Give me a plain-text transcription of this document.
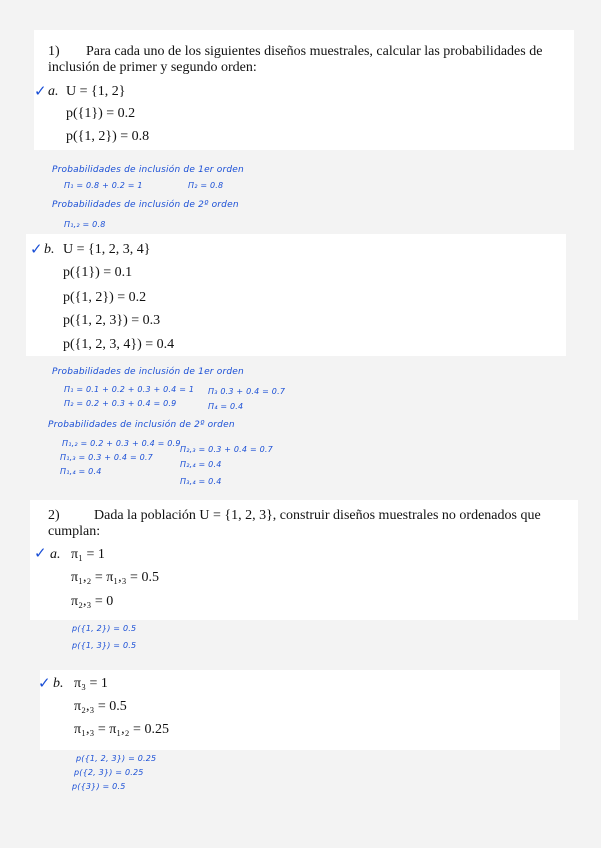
1)	Para cada uno de los siguientes diseños muestrales, calcular las probabilidades de inclusión de primer y segundo orden:
✓ a. U = {1, 2}
p({1}) = 0.2
p({1, 2}) = 0.8
Probabilidades de inclusión de 1er orden
Π₁ = 0.8 + 0.2 = 1	Π₂ = 0.8
Probabilidades de inclusión de 2º orden
Π₁,₂ = 0.8
✓ b. U = {1, 2, 3, 4}
p({1}) = 0.1
p({1, 2}) = 0.2
p({1, 2, 3}) = 0.3
p({1, 2, 3, 4}) = 0.4
Probabilidades de inclusión de 1er orden
Π₁ = 0.1 + 0.2 + 0.3 + 0.4 = 1 Π₃ 0.3 + 0.4 = 0.7
Π₂ = 0.2 + 0.3 + 0.4 = 0.9	Π₄ = 0.4
Probabilidades de inclusión de 2º orden
Π₁,₂ = 0.2 + 0.3 + 0.4 = 0.9
Π₂,₃ = 0.3 + 0.4 = 0.7
Π₁,₃ = 0.3 + 0.4 = 0.7
Π₂,₄ = 0.4
Π₁,₄ = 0.4
Π₃,₄ = 0.4
2)	Dada la población U = {1, 2, 3}, construir diseños muestrales no ordenados que cumplan:
✓ a. π₁ = 1
π₁,₂ = π₁,₃ = 0.5
π₂,₃ = 0
p({1, 2}) = 0.5
p({1, 3}) = 0.5
✓ b. π₃ = 1
π₂,₃ = 0.5
π₁,₃ = π₁,₂ = 0.25
p({1, 2, 3}) = 0.25
p({2, 3}) = 0.25
p({3}) = 0.5
